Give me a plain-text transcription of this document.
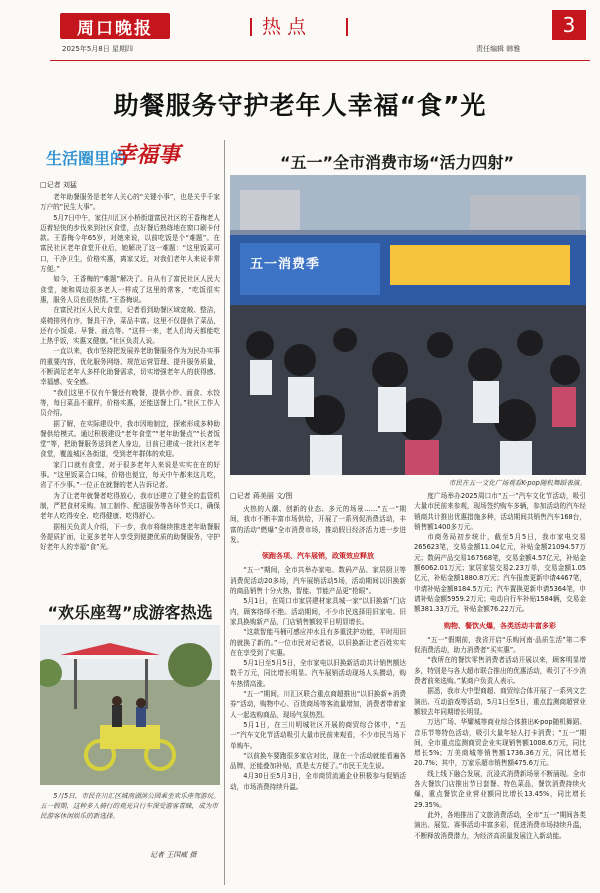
周口晚报
2025年5月8日 星期四
热点
责任编辑 韩雅
3
助餐服务守护老年人幸福“食”光
生活圈里的
幸福事
□记者 刘猛

老年助餐服务是老年人关心的“关键小事”，也是关乎千家万户的“民生大事”。

5月7日中午，家住川汇区小桥街道富民社区的王香梅老人迈着轻快的步伐来到社区食堂，点好餐后熟练地在窗口刷卡付款。王香梅今年65岁，对她来说，以前吃饭是个“难题”。在富民社区老年食堂开业后，她解决了这一难题：“这里饭菜可口，干净卫生，价格实惠，离家又近，对我们老年人来说非常方便。”

如今，王香梅的“难题”解决了。自从有了富民社区人民大食堂，她和周边很多老人一样成了这里的常客，“吃饭很实惠，服务人员也很热情。”王香梅说。

在富民社区人民大食堂，记者看到助餐区域宽敞、整洁，桌椅排列有序，餐具干净，菜品丰富。这里不仅提供了菜品，还有小饭桌、早餐、面点等。“这样一来，老人们每天都能吃上热乎饭，实惠又健康。”社区负责人说。

一直以来，我市坚持把发展养老助餐服务作为为民办实事的重要内容，优化服务网络、规范运营管理、提升服务质量，不断满足老年人多样化助餐需求，切实增强老年人的获得感、幸福感、安全感。

“我们这里不仅有午餐还有晚餐，提供小炒、面食、水饺等，每日菜品不重样，价格实惠，还能送餐上门。”社区工作人员介绍。

据了解，在实际建设中，我市因地制宜，探索形成多种助餐供给模式。通过积极建设“老年食堂”“老年助餐点”“长者饭堂”等，把助餐服务送到老人身边，目前已建成一批社区老年食堂，覆盖城区各街道，受到老年群体的欢迎。

家门口就有食堂，对于很多老年人来说是实实在在的好事。“这里饭菜合口味，价格也便宜，每天中午都来这儿吃，省了不少事。”一位正在就餐的老人告诉记者。

为了让老年就餐者吃得放心，我市还建立了健全的监管机制，严把食材采购、加工制作、配送服务等各环节关口，确保老年人吃得安全、吃得健康、吃得舒心。

据相关负责人介绍，下一步，我市将继续推进老年助餐服务提质扩面，让更多老年人享受到便捷优质的助餐服务，守护好老年人的幸福“食”光。

“欢乐座驾”成游客热选
5月5日，市民在川汇区城南湖滨公园乘坐欢乐座驾游玩。五一假期，这种多人骑行的观光自行车深受游客青睐，成为市民游客休闲娱乐的新选择。
记者 王国威 摄
“五一”全市消费市场“活力四射”
五一消费季
市民在五一文化广场观看K-pop随机舞蹈表演。
□记者 蒋美丽 文/图

火热的人潮、创新的业态、多元的场景……“五一”期间，我市不断丰富市场供给，开展了一系列促消费活动，丰富的活动“燃爆”全市消费市场，推动假日经济活力进一步迸发。

领跑各项、汽车展销，政策效应释放

“五一”期间，全市共举办家电、数码产品、家居厨卫等消费促活动20多场，汽车展销活动5场，活动期间以旧换新的商品销售十分火热，智能、节能产品更“抢眼”。

5月1日，在周口市家居建材家具城一家“以旧换新”门店内，顾客络绎不绝。活动期间，不少市民选择用旧家电、旧家具换购新产品，门店销售额较平日明显增长。

“这款智能马桶可感应冲水且有多重洗护功能，平时用旧的就换了新的。”一位市民对记者说，以旧换新让老百姓实实在在享受到了实惠。

5月1日至5月5日，全市家电以旧换新活动共计销售额达数千万元，同比增长明显。汽车展销活动现场人头攒动，购车热情高涨。

“五一”期间，川汇区联合重点商超推出“以旧换新+消费券”活动，购物中心、百货商场等客流量增加，消费者带着家人一起选购商品，现场气氛热烈。

5月1日，在三川明城社区开展的商贸综合体中，“五一”汽车文化节活动吸引大量市民前来观看，不少市民当场下单购车。

“以前换车要跑很多家店对比，现在一个活动就能看遍各品牌，还能叠加补贴，真是太方便了。”市民王先生说。

4月30日至5月3日，全市商贸流通企业积极参与促销活动，市场消费持续升温。

度广场举办2025周口市“五一”汽车文化节活动，吸引大量市民前来参观，现场签约购车多辆，参加活动的汽车经销商共计推出优惠措施多种，活动期间共销售汽车168台，销售额1400多万元。

市商务局初步统计，截至5月5日，我市家电交易265623笔，交易金额11.04亿元，补贴金额21094.57万元；数码产品交易167568笔，交易金额4.57亿元，补贴金额6062.01万元；家居家装交易2.23万单，交易金额1.05亿元，补贴金额1880.8万元；汽车报废更新申请4467笔，申请补贴金额8184.5万元；汽车置换更新申请5364笔，申请补贴金额5959.2万元；电动自行车补贴1584辆，交易金额381.33万元，补贴金额76.22万元。

购物、餐饮火爆，各类活动丰富多彩

“五一”假期前，我省开启“乐购河南·品质生活”第二季促消费活动，助力消费者“买实惠”。

“我所在的餐饮零售消费者活动开展以来，顾客明显增多，特别是与各大超市联合推出的优惠活动，吸引了不少消费者前来选购。”某商户负责人表示。

据悉，我市大中型商超、商贸综合体开展了一系列文艺演出、互动游戏等活动，5月1日至5日，重点监测商超营业额较去年同期增长明显。

万达广场、华耀城等商业综合体推出K-pop随机舞蹈、音乐节等特色活动，吸引大量年轻人打卡消费；“五一”期间，全市重点监测商贸企业实现销售额1008.6万元，同比增长5%；万美商城等销售额1736.36万元，同比增长20.7%；其中，万家乐超市销售额475.6万元。

线上线下融合发展，沉浸式消费新场景不断涌现。全市各大餐饮门店推出节日套餐、特色菜品，餐饮消费持续火爆，重点餐饮企业营业额同比增长13.45%，同比增长29.35%。

此外，各地推出了文旅消费活动，全市“五一”期间各类演出、展览、赛事活动丰富多彩，促进消费市场持续升温，不断释放消费潜力，为经济高质量发展注入新动能。
